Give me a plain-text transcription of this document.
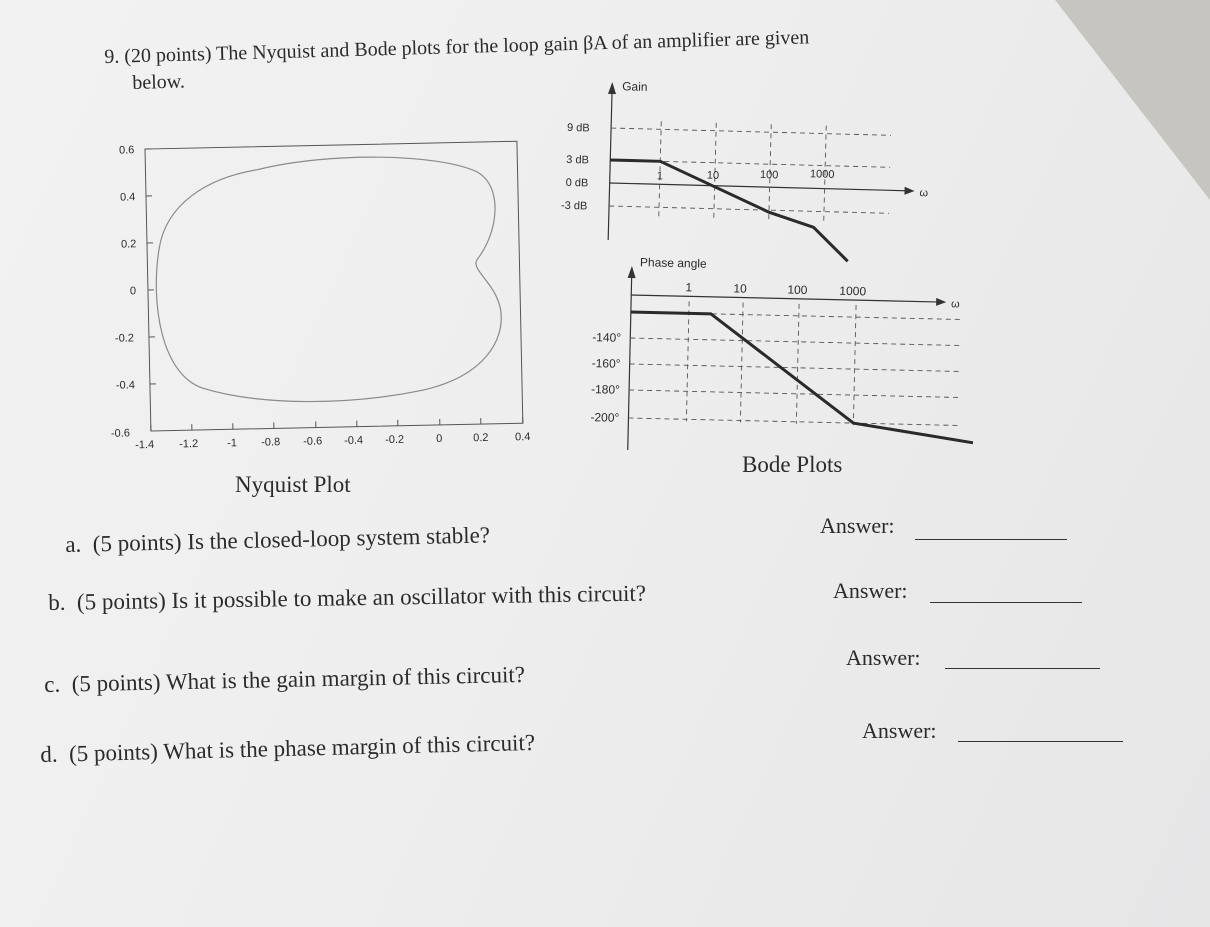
9. (20 points) The Nyquist and Bode plots for the loop gain βA of an amplifier are given
below.
-1.4 -1.2	-1 -0.8 -0.6 -0.4 -0.2	0	0.2 0.4
0.6
0.4
0.2
0
-0.2
-0.4
-0.6
Nyquist Plot
Gain
ω
9 dB
3 dB
0 dB
-3 dB
1	10	100	1000
Phase angle
ω
-140°
-160°
-180°
-200°
1	10	100	1000
Bode Plots
a. (5 points) Is the closed-loop system stable?	Answer:
b. (5 points) Is it possible to make an oscillator with this circuit?	Answer:
c. (5 points) What is the gain margin of this circuit?
Answer:
d. (5 points) What is the phase margin of this circuit?	Answer:
